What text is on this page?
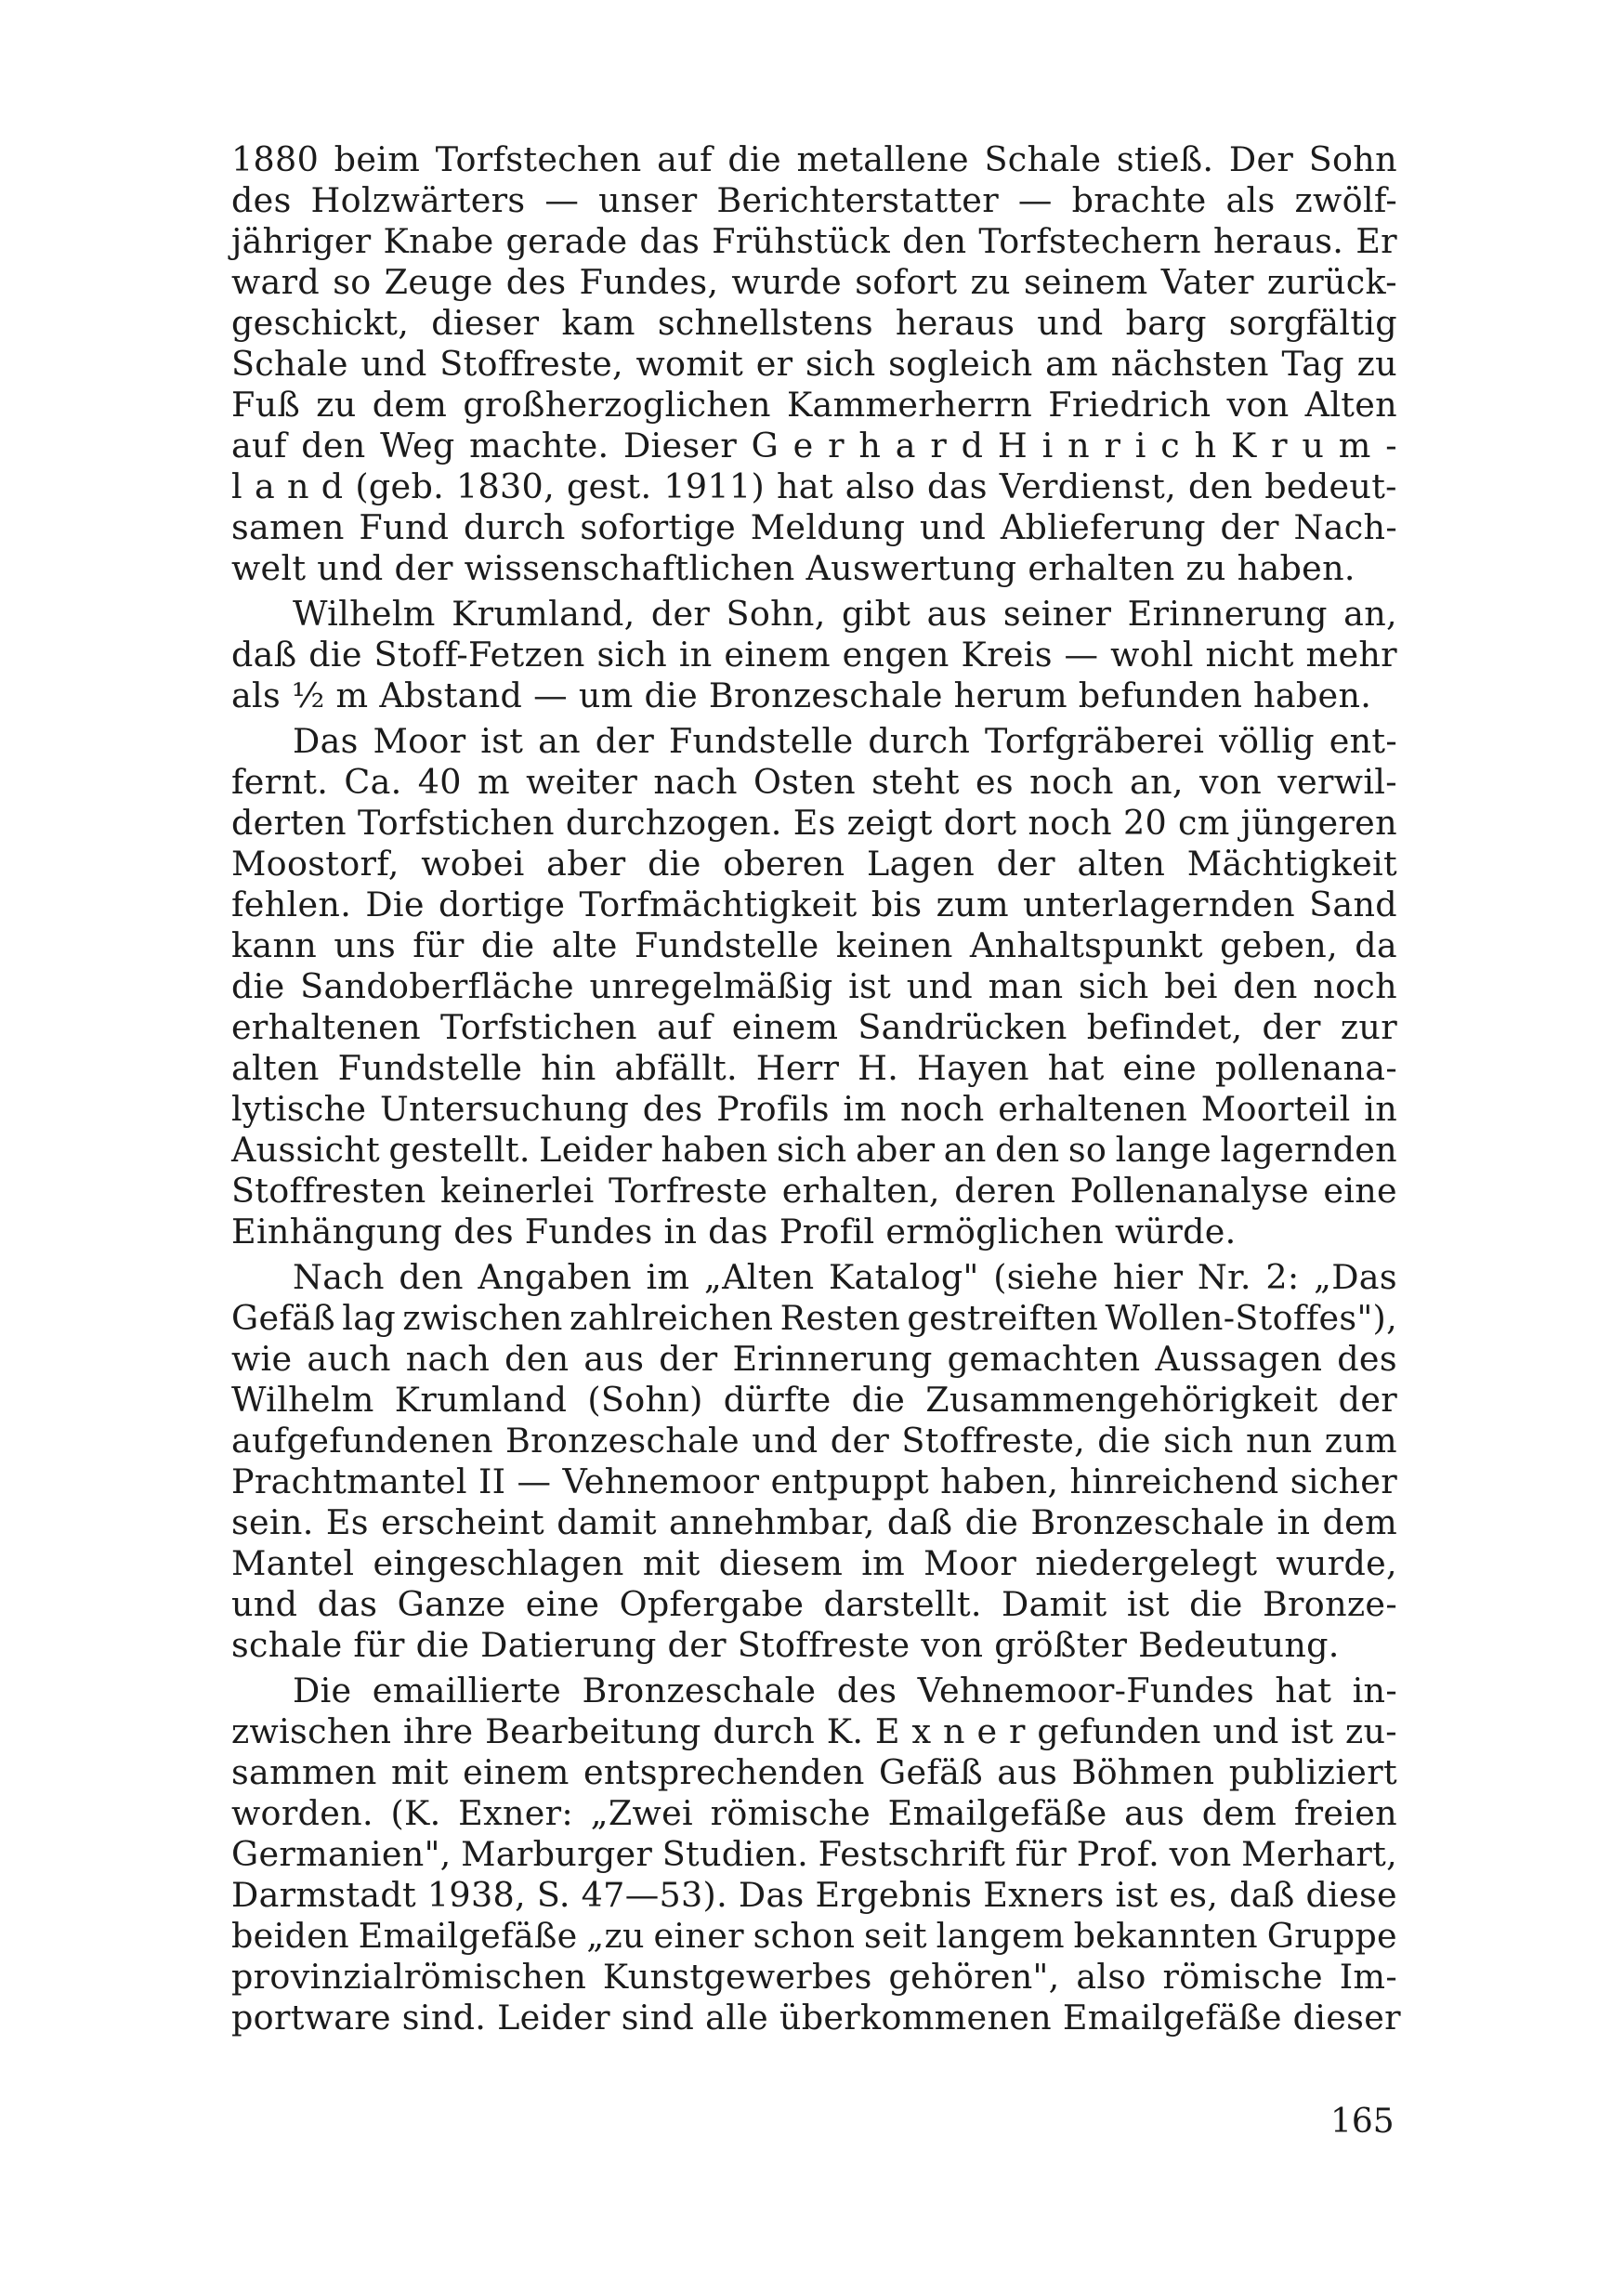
1880 beim Torfstechen auf die metallene Schale stieß. Der Sohn
des Holzwärters — unser Berichterstatter — brachte als zwölf-
jähriger Knabe gerade das Frühstück den Torfstechern heraus. Er
ward so Zeuge des Fundes, wurde sofort zu seinem Vater zurück-
geschickt, dieser kam schnellstens heraus und barg sorgfältig
Schale und Stoffreste, womit er sich sogleich am nächsten Tag zu
Fuß zu dem großherzoglichen Kammerherrn Friedrich von Alten
auf den Weg machte. Dieser G e r h a r d H i n r i c h K r u m -
l a n d (geb. 1830, gest. 1911) hat also das Verdienst, den bedeut-
samen Fund durch sofortige Meldung und Ablieferung der Nach-
welt und der wissenschaftlichen Auswertung erhalten zu haben.
Wilhelm Krumland, der Sohn, gibt aus seiner Erinnerung an,
daß die Stoff-Fetzen sich in einem engen Kreis — wohl nicht mehr
als ½ m Abstand — um die Bronzeschale herum befunden haben.
Das Moor ist an der Fundstelle durch Torfgräberei völlig ent-
fernt. Ca. 40 m weiter nach Osten steht es noch an, von verwil-
derten Torfstichen durchzogen. Es zeigt dort noch 20 cm jüngeren
Moostorf, wobei aber die oberen Lagen der alten Mächtigkeit
fehlen. Die dortige Torfmächtigkeit bis zum unterlagernden Sand
kann uns für die alte Fundstelle keinen Anhaltspunkt geben, da
die Sandoberfläche unregelmäßig ist und man sich bei den noch
erhaltenen Torfstichen auf einem Sandrücken befindet, der zur
alten Fundstelle hin abfällt. Herr H. Hayen hat eine pollenana-
lytische Untersuchung des Profils im noch erhaltenen Moorteil in
Aussicht gestellt. Leider haben sich aber an den so lange lagernden
Stoffresten keinerlei Torfreste erhalten, deren Pollenanalyse eine
Einhängung des Fundes in das Profil ermöglichen würde.
Nach den Angaben im „Alten Katalog" (siehe hier Nr. 2: „Das
Gefäß lag zwischen zahlreichen Resten gestreiften Wollen-Stoffes"),
wie auch nach den aus der Erinnerung gemachten Aussagen des
Wilhelm Krumland (Sohn) dürfte die Zusammengehörigkeit der
aufgefundenen Bronzeschale und der Stoffreste, die sich nun zum
Prachtmantel II — Vehnemoor entpuppt haben, hinreichend sicher
sein. Es erscheint damit annehmbar, daß die Bronzeschale in dem
Mantel eingeschlagen mit diesem im Moor niedergelegt wurde,
und das Ganze eine Opfergabe darstellt. Damit ist die Bronze-
schale für die Datierung der Stoffreste von größter Bedeutung.
Die emaillierte Bronzeschale des Vehnemoor-Fundes hat in-
zwischen ihre Bearbeitung durch K. E x n e r gefunden und ist zu-
sammen mit einem entsprechenden Gefäß aus Böhmen publiziert
worden. (K. Exner: „Zwei römische Emailgefäße aus dem freien
Germanien", Marburger Studien. Festschrift für Prof. von Merhart,
Darmstadt 1938, S. 47—53). Das Ergebnis Exners ist es, daß diese
beiden Emailgefäße „zu einer schon seit langem bekannten Gruppe
provinzialrömischen Kunstgewerbes gehören", also römische Im-
portware sind. Leider sind alle überkommenen Emailgefäße dieser
165
